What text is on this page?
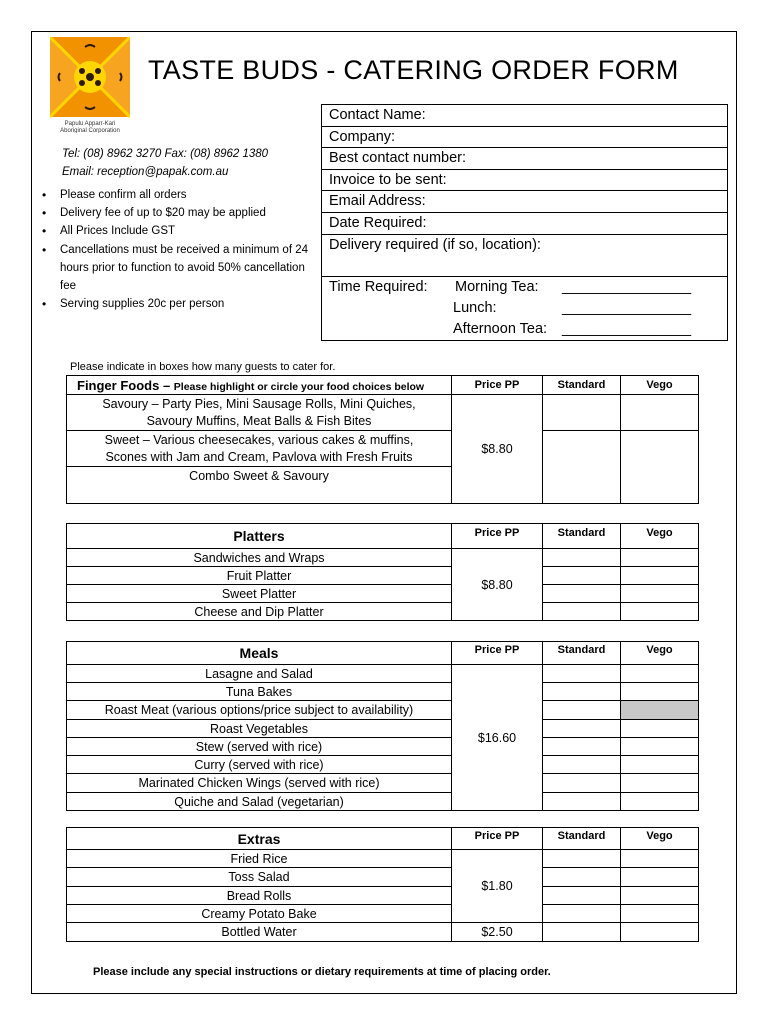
Papulu Apparr-Kari
Aboriginal Corporation
TASTE BUDS - CATERING ORDER FORM
Tel: (08) 8962 3270 Fax: (08) 8962 1380
Email: reception@papak.com.au
• Please confirm all orders
• Delivery fee of up to $20 may be applied
• All Prices Include GST
• Cancellations must be received a minimum of 24 hours prior to function to avoid 50% cancellation fee
• Serving supplies 20c per person
Contact Name:
Company:
Best contact number:
Invoice to be sent:
Email Address:
Date Required:
Delivery required (if so, location):
Time Required: Morning Tea: ________________
Lunch:	________________
Afternoon Tea: ________________
Please indicate in boxes how many guests to cater for.
Finger Foods – Please highlight or circle your food choices below	Price PP	Standard	Vego
Savoury – Party Pies, Mini Sausage Rolls, Mini Quiches,
Savoury Muffins, Meat Balls & Fish Bites	$8.80		
Sweet – Various cheesecakes, various cakes & muffins,
Scones with Jam and Cream, Pavlova with Fresh Fruits			
Combo Sweet & Savoury			
Platters	Price PP	Standard	Vego
Sandwiches and Wraps	$8.80		
Fruit Platter			
Sweet Platter			
Cheese and Dip Platter			
Meals	Price PP	Standard	Vego
Lasagne and Salad	$16.60		
Tuna Bakes			
Roast Meat (various options/price subject to availability)			
Roast Vegetables			
Stew (served with rice)			
Curry (served with rice)			
Marinated Chicken Wings (served with rice)			
Quiche and Salad (vegetarian)			
Extras	Price PP	Standard	Vego
Fried Rice	$1.80		
Toss Salad			
Bread Rolls			
Creamy Potato Bake			
Bottled Water	$2.50		
Please include any special instructions or dietary requirements at time of placing order.
